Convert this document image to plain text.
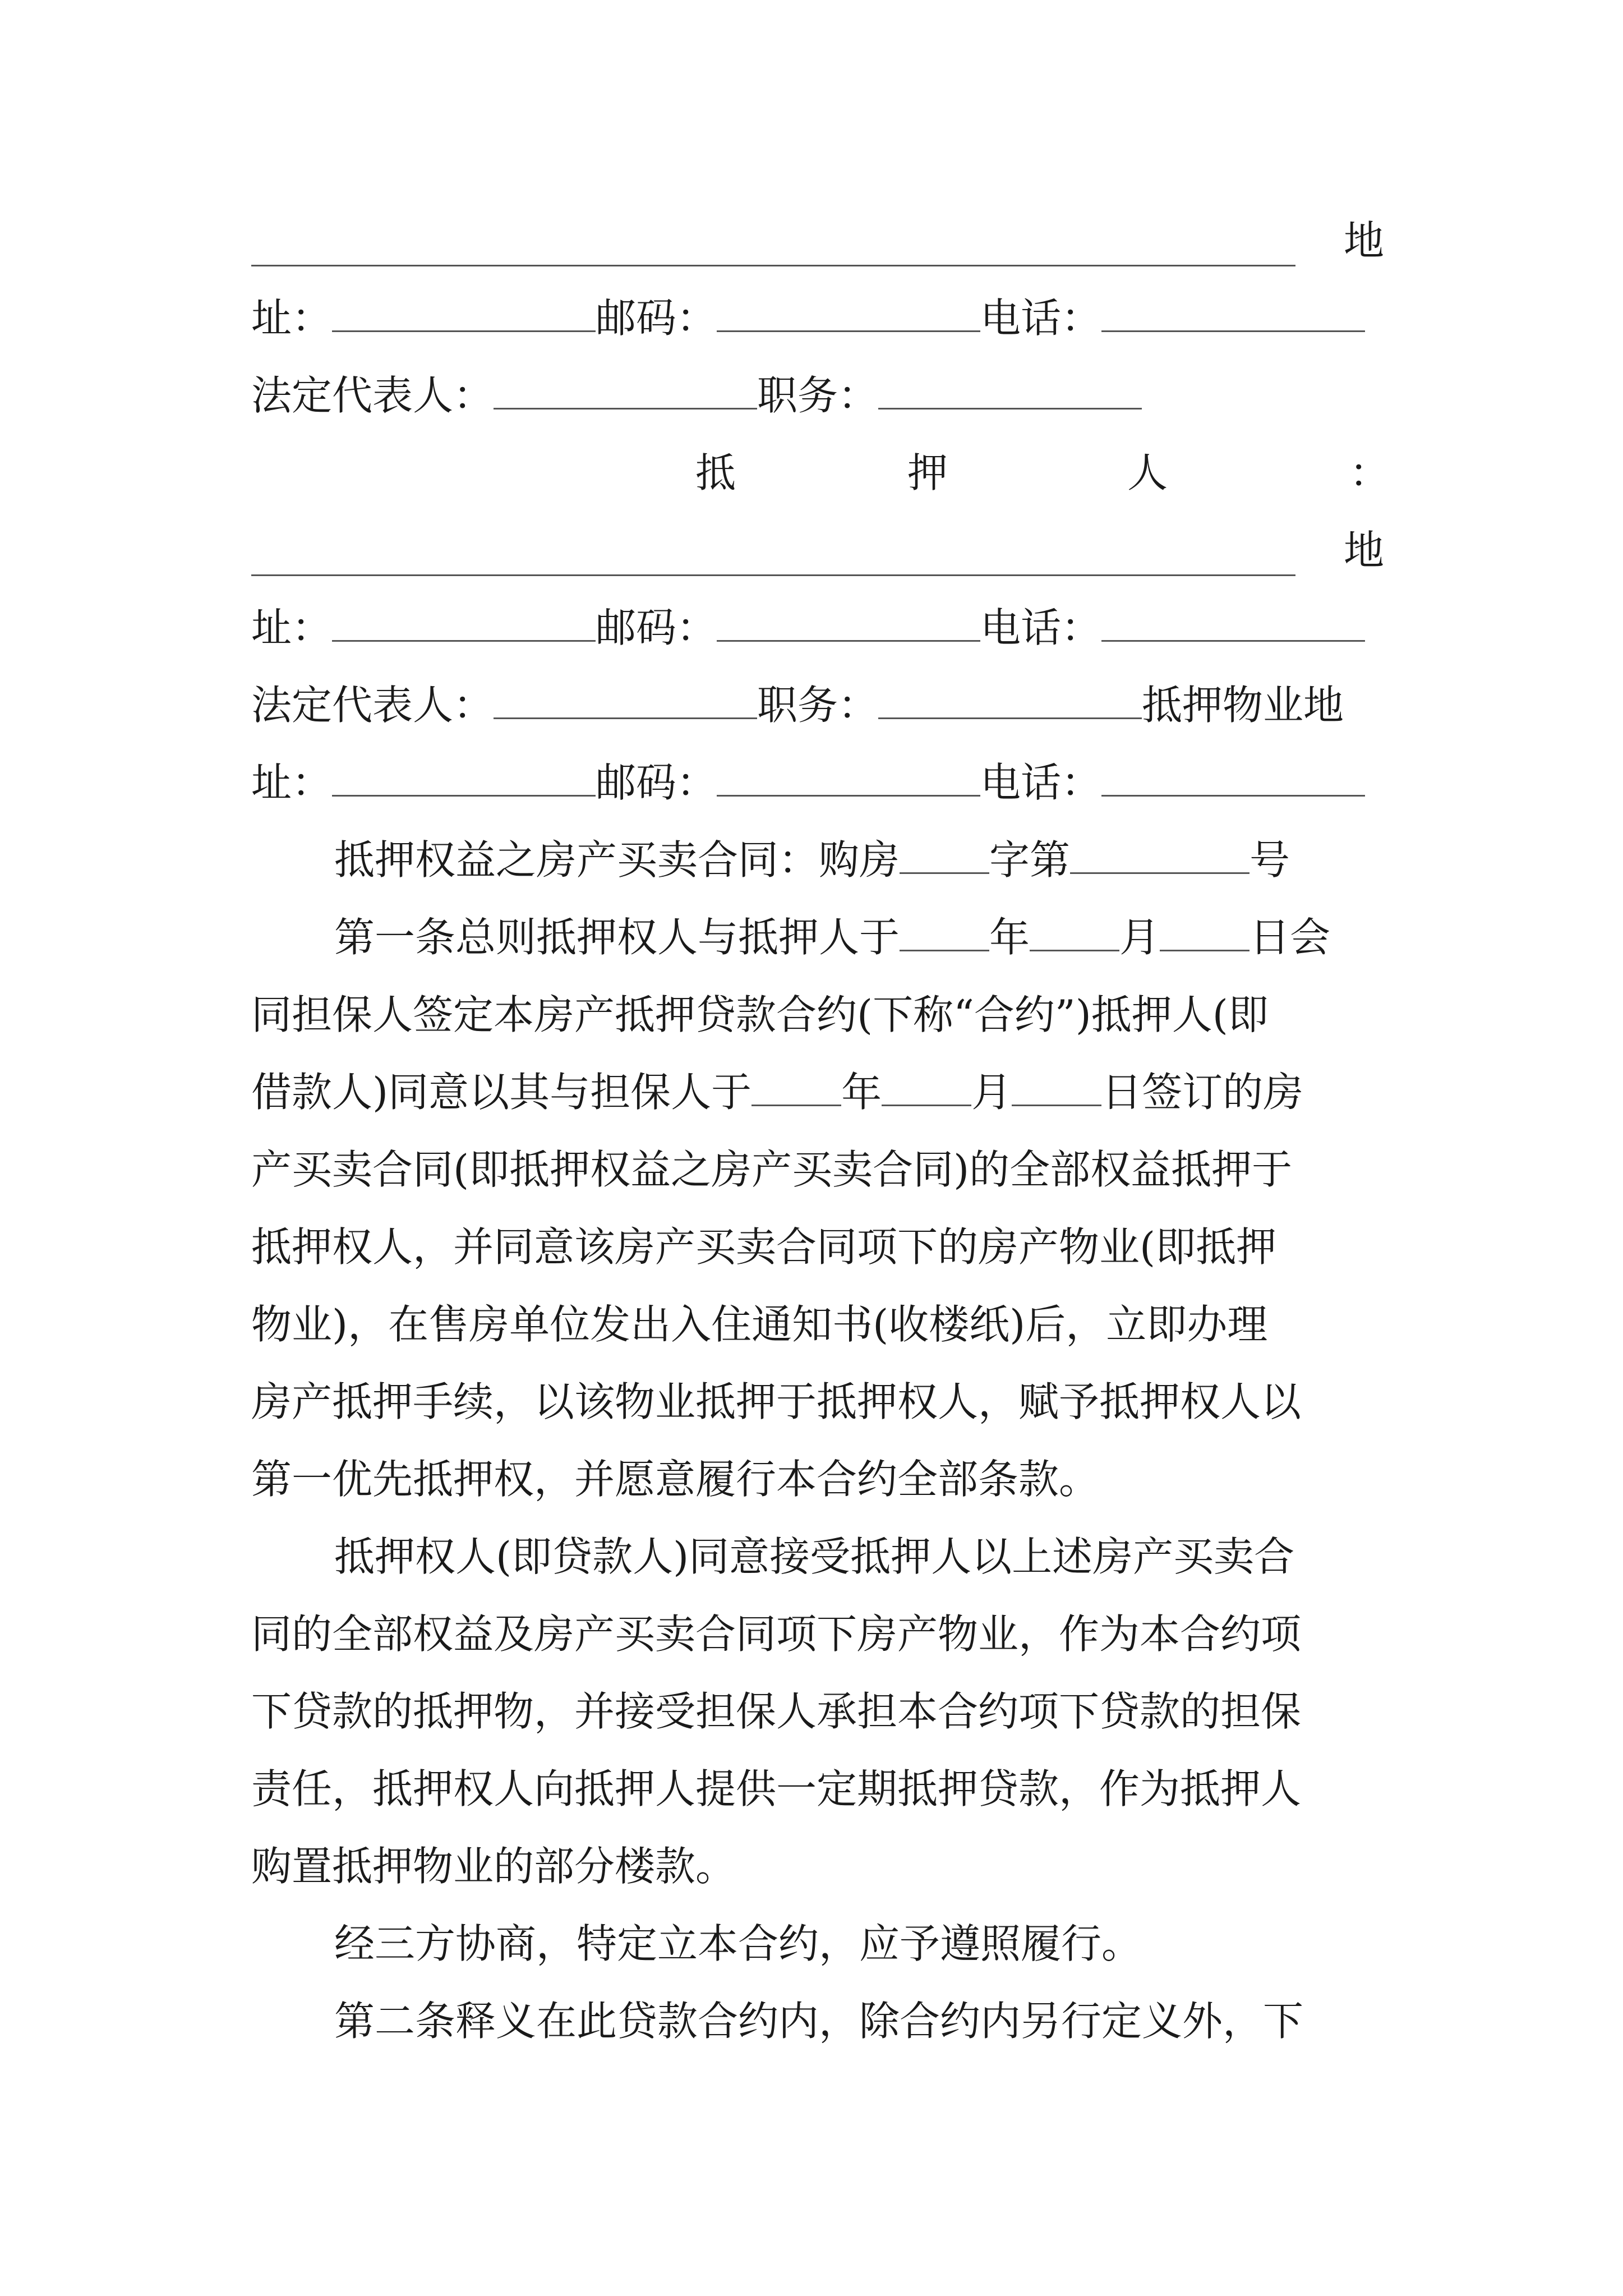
地
址：	邮码：	电话：
法定代表人：	职务：
抵	押	人	：
地
址：	邮码：	电话：
法定代表人：	职务：	抵押物业地
址：	邮码：	电话：
抵押权益之房产买卖合同：购房 字第	号
第一条总则抵押权人与抵押人于 年 月 日会
同担保人签定本房产抵押贷款合约(下称“合约”)抵押人(即
借款人)同意以其与担保人于 年 月 日签订的房
产买卖合同(即抵押权益之房产买卖合同)的全部权益抵押于
抵押权人，并同意该房产买卖合同项下的房产物业(即抵押
物业)，在售房单位发出入住通知书(收楼纸)后，立即办理
房产抵押手续，以该物业抵押于抵押权人，赋予抵押权人以
第一优先抵押权，并愿意履行本合约全部条款。
抵押权人(即贷款人)同意接受抵押人以上述房产买卖合
同的全部权益及房产买卖合同项下房产物业，作为本合约项
下贷款的抵押物，并接受担保人承担本合约项下贷款的担保
责任，抵押权人向抵押人提供一定期抵押贷款，作为抵押人
购置抵押物业的部分楼款。
经三方协商，特定立本合约，应予遵照履行。
第二条释义在此贷款合约内，除合约内另行定义外，下
